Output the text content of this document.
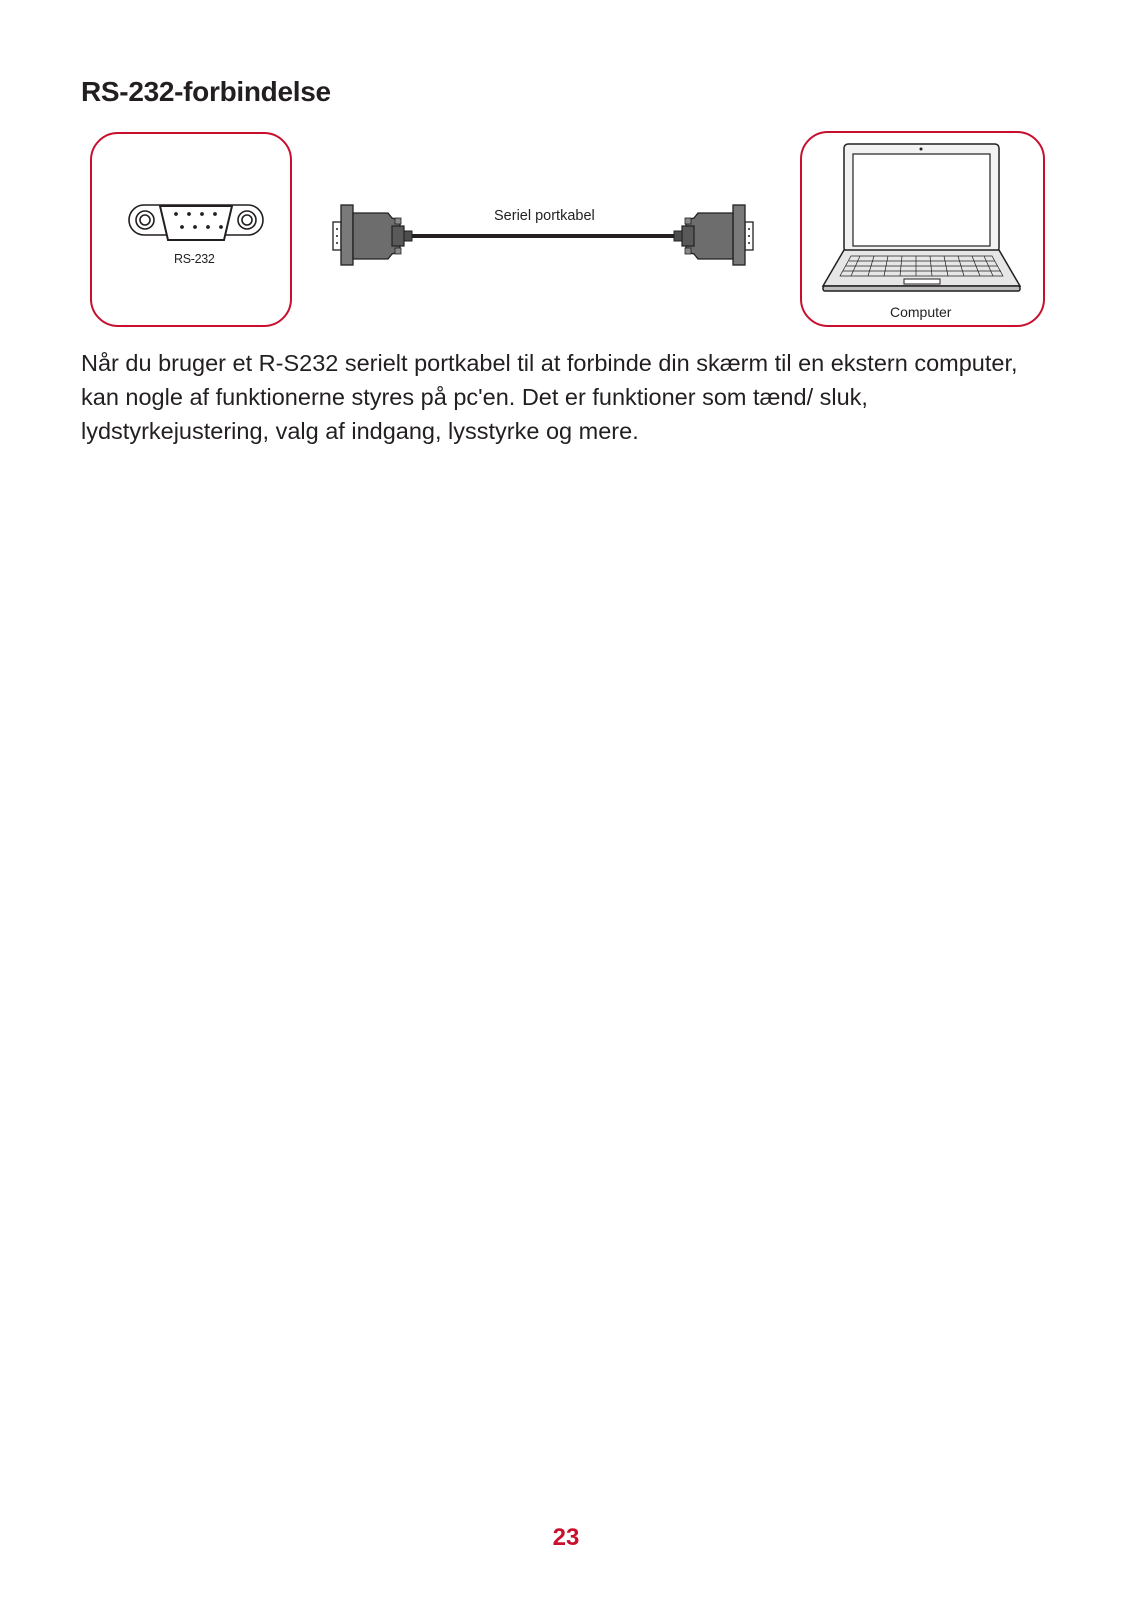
RS-232-forbindelse
RS-232
Seriel portkabel
Computer

Når du bruger et R-S232 serielt portkabel til at forbinde din skærm til en ekstern computer, kan nogle af funktionerne styres på pc'en. Det er funktioner som tænd/ sluk, lydstyrkejustering, valg af indgang, lysstyrke og mere.

23
